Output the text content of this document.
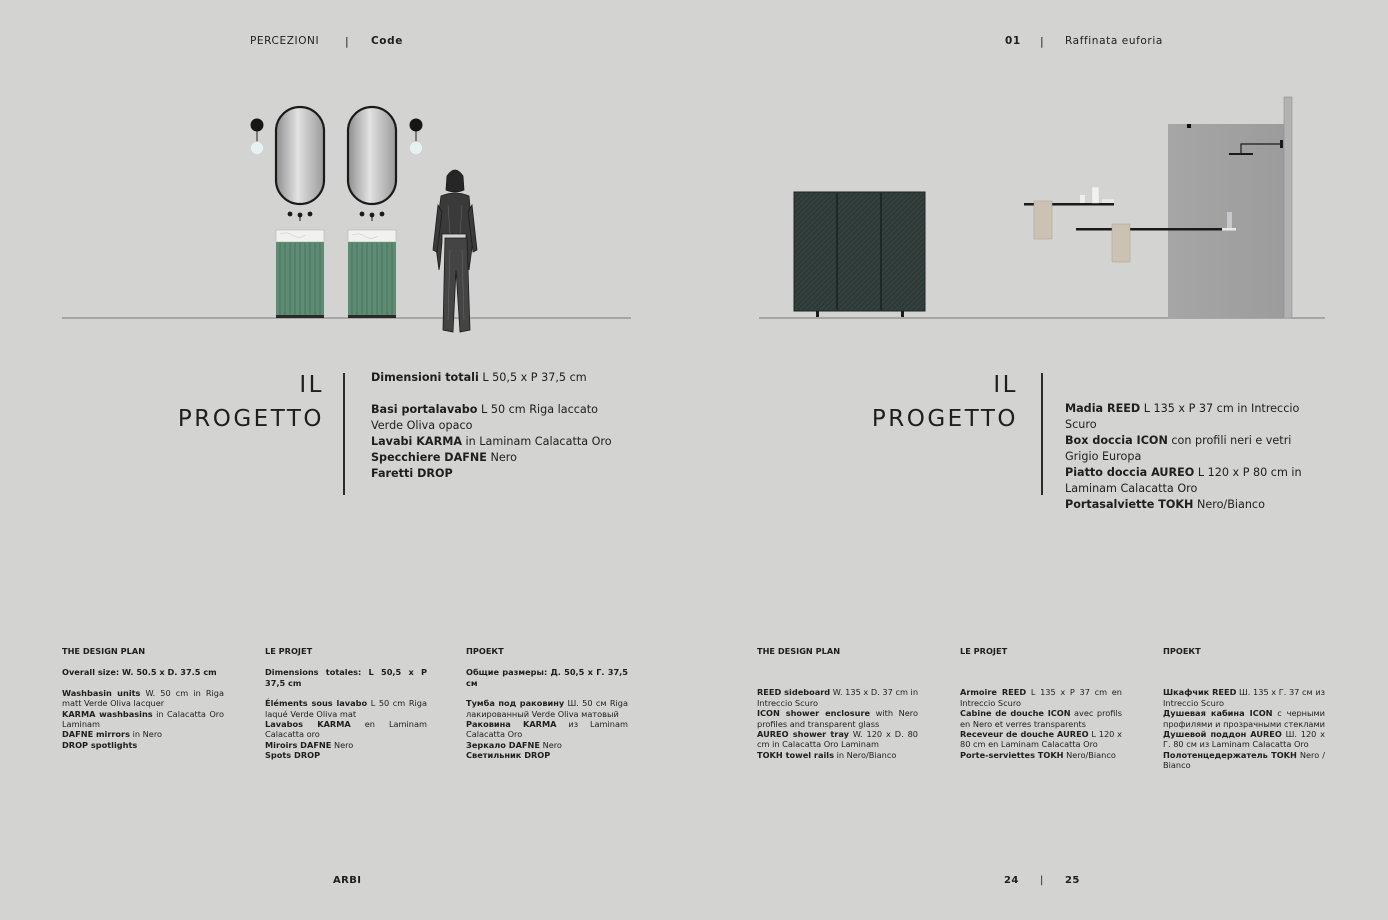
PERCEZIONI | Code	01 | Raffinata euforia
IL
PROGETTO

Dimensioni totali L 50,5 x P 37,5 cm

Basi portalavabo L 50 cm Riga laccato Verde Oliva opaco

Lavabi KARMA in Laminam Calacatta Oro

Specchiere DAFNE Nero

Faretti DROP

IL
PROGETTO	Madia REED L 135 x P 37 cm in Intreccio Scuro

Box doccia ICON con profili neri e vetri Grigio Europa

Piatto doccia AUREO L 120 x P 80 cm in Laminam Calacatta Oro

Portasalviette TOKH Nero/Bianco

THE DESIGN PLAN

Overall size: W. 50.5 x D. 37.5 cm

Washbasin units W. 50 cm in Riga matt Verde Oliva lacquer

KARMA washbasins in Calacatta Oro Laminam

DAFNE mirrors in Nero

DROP spotlights

LE PROJET

Dimensions totales: L 50,5 x P 37,5 cm

Éléments sous lavabo L 50 cm Riga laqué Verde Oliva mat

Lavabos KARMA en Laminam Calacatta oro

Miroirs DAFNE Nero

Spots DROP

ПРОЕКТ

Общие размеры: Д. 50,5 x Г. 37,5 см

Тумба под раковину Ш. 50 см Riga лакированный Verde Oliva матовый

Раковина KARMA из Laminam Calacatta Oro

Зеркало DAFNE Nero

Светильник DROP

THE DESIGN PLAN

REED sideboard W. 135 x D. 37 cm in Intreccio Scuro

ICON shower enclosure with Nero profiles and transparent glass

AUREO shower tray W. 120 x D. 80 cm in Calacatta Oro Laminam

TOKH towel rails in Nero/Bianco

LE PROJET

Armoire REED L 135 x P 37 cm en Intreccio Scuro

Cabine de douche ICON avec profils en Nero et verres transparents

Receveur de douche AUREO L 120 x 80 cm en Laminam Calacatta Oro

Porte-serviettes TOKH Nero/Bianco

ПРОЕКТ

Шкафчик REED Ш. 135 x Г. 37 см из Intreccio Scuro

Душевая кабина ICON с черными профилями и прозрачными стеклами

Душевой поддон AUREO Ш. 120 x Г. 80 см из Laminam Calacatta Oro

Полотенцедержатель TOKH Nero / Bianco

ARBI	24 | 25
